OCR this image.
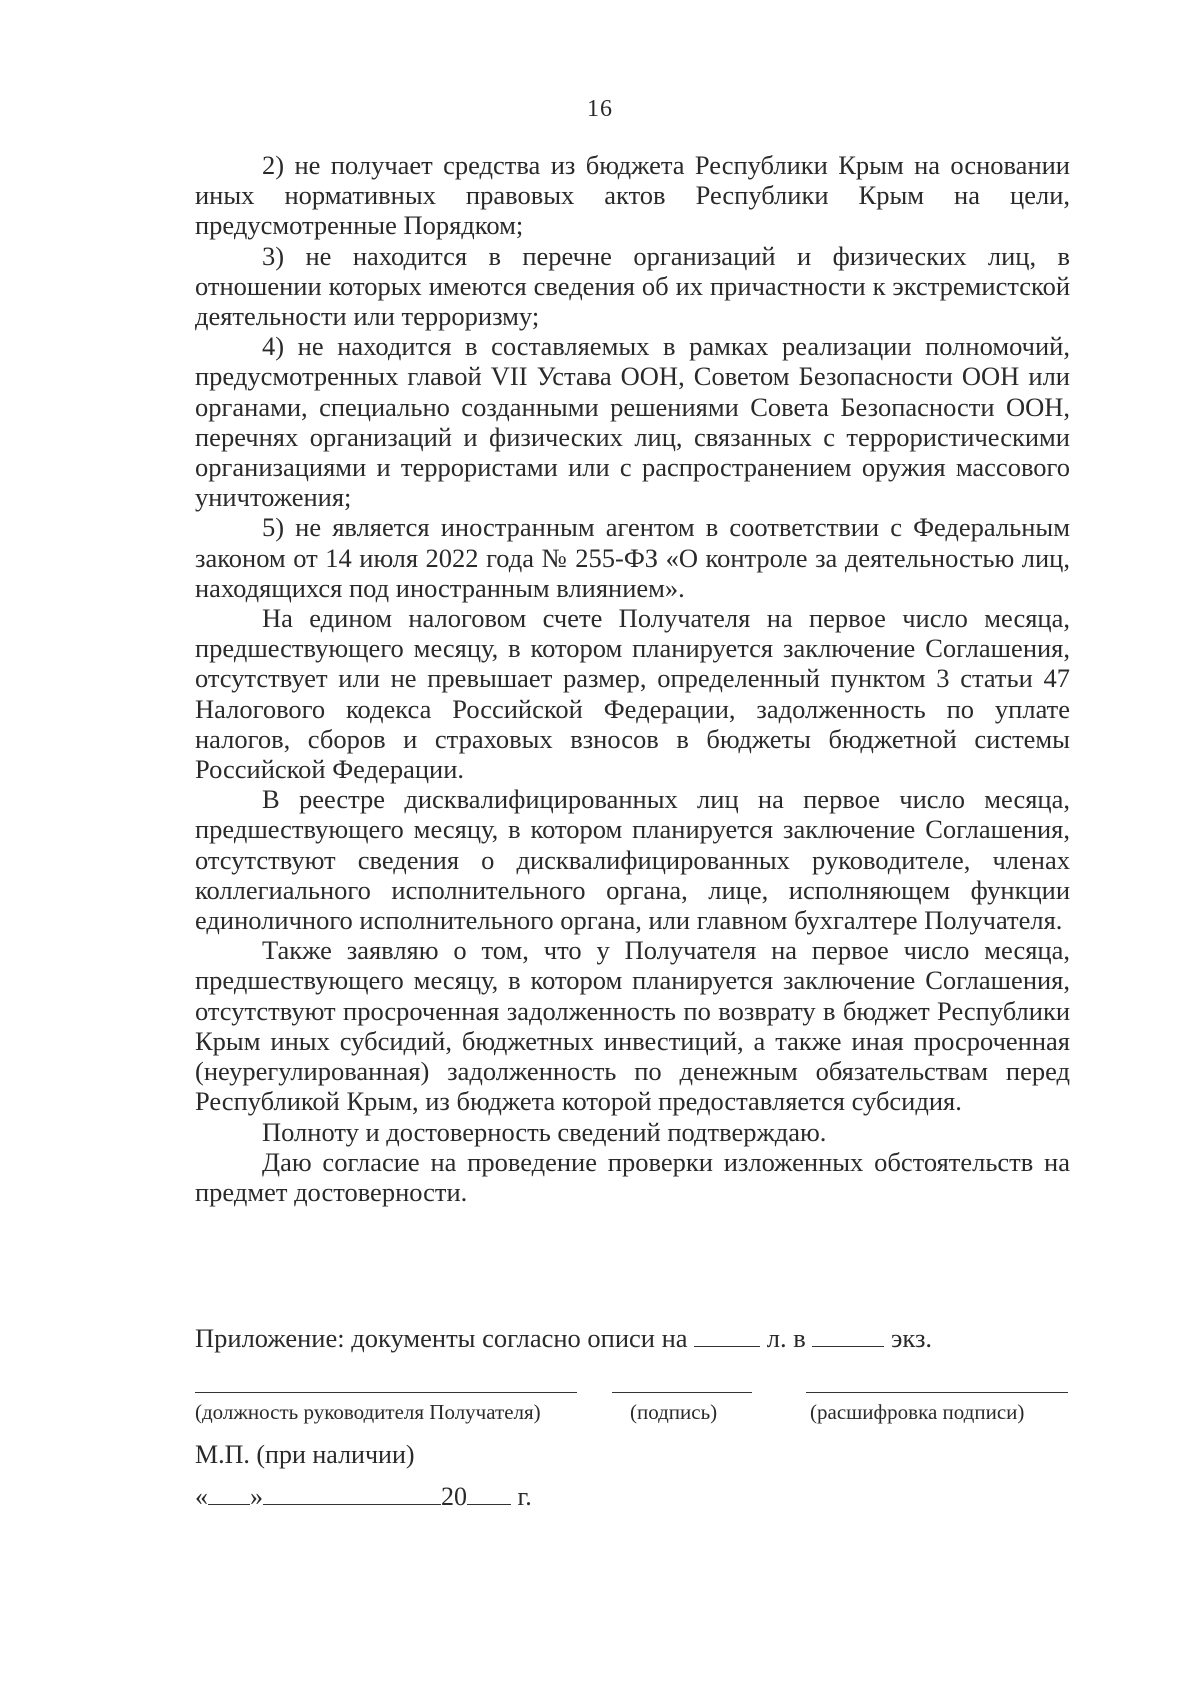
16

2) не получает средства из бюджета Республики Крым на основании иных нормативных правовых актов Республики Крым на цели, предусмотренные Порядком;

3) не находится в перечне организаций и физических лиц, в отношении которых имеются сведения об их причастности к экстремистской деятельности или терроризму;

4) не находится в составляемых в рамках реализации полномочий, предусмотренных главой VII Устава ООН, Советом Безопасности ООН или органами, специально созданными решениями Совета Безопасности ООН, перечнях организаций и физических лиц, связанных с террористическими организациями и террористами или с распространением оружия массового уничтожения;

5) не является иностранным агентом в соответствии с Федеральным законом от 14 июля 2022 года № 255-ФЗ «О контроле за деятельностью лиц, находящихся под иностранным влиянием».

На едином налоговом счете Получателя на первое число месяца, предшествующего месяцу, в котором планируется заключение Соглашения, отсутствует или не превышает размер, определенный пунктом 3 статьи 47 Налогового кодекса Российской Федерации, задолженность по уплате налогов, сборов и страховых взносов в бюджеты бюджетной системы Российской Федерации.

В реестре дисквалифицированных лиц на первое число месяца, предшествующего месяцу, в котором планируется заключение Соглашения, отсутствуют сведения о дисквалифицированных руководителе, членах коллегиального исполнительного органа, лице, исполняющем функции единоличного исполнительного органа, или главном бухгалтере Получателя.

Также заявляю о том, что у Получателя на первое число месяца, предшествующего месяцу, в котором планируется заключение Соглашения, отсутствуют просроченная задолженность по возврату в бюджет Республики Крым иных субсидий, бюджетных инвестиций, а также иная просроченная (неурегулированная) задолженность по денежным обязательствам перед Республикой Крым, из бюджета которой предоставляется субсидия.

Полноту и достоверность сведений подтверждаю.

Даю согласие на проведение проверки изложенных обстоятельств на предмет достоверности.

Приложение: документы согласно описи на	л. в	экз.
(должность руководителя Получателя)	(подпись)	(расшифровка подписи)
М.П. (при наличии)
« »	20 г.
